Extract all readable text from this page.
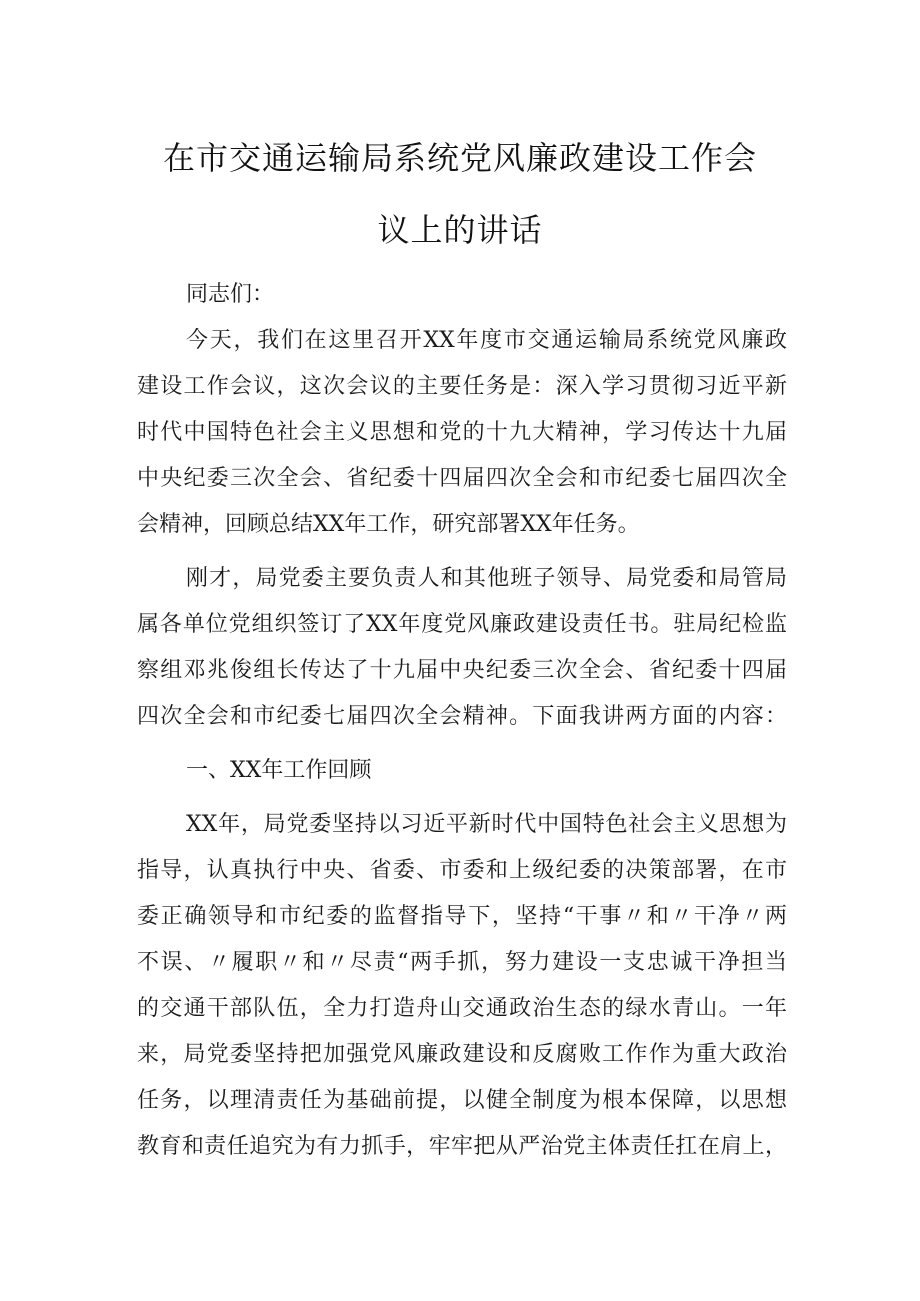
在市交通运输局系统党风廉政建设工作会
议上的讲话
同志们：
今天，我们在这里召开XX年度市交通运输局系统党风廉政
建设工作会议，这次会议的主要任务是：深入学习贯彻习近平新
时代中国特色社会主义思想和党的十九大精神，学习传达十九届
中央纪委三次全会、省纪委十四届四次全会和市纪委七届四次全
会精神，回顾总结XX年工作，研究部署XX年任务。
刚才，局党委主要负责人和其他班子领导、局党委和局管局
属各单位党组织签订了XX年度党风廉政建设责任书。驻局纪检监
察组邓兆俊组长传达了十九届中央纪委三次全会、省纪委十四届
四次全会和市纪委七届四次全会精神。下面我讲两方面的内容：
一、XX年工作回顾
XX年，局党委坚持以习近平新时代中国特色社会主义思想为
指导，认真执行中央、省委、市委和上级纪委的决策部署，在市
委正确领导和市纪委的监督指导下，坚持“干事〃和〃干净〃两
不误、〃履职〃和〃尽责“两手抓，努力建设一支忠诚干净担当
的交通干部队伍，全力打造舟山交通政治生态的绿水青山。一年
来，局党委坚持把加强党风廉政建设和反腐败工作作为重大政治
任务，以理清责任为基础前提，以健全制度为根本保障，以思想
教育和责任追究为有力抓手，牢牢把从严治党主体责任扛在肩上，
